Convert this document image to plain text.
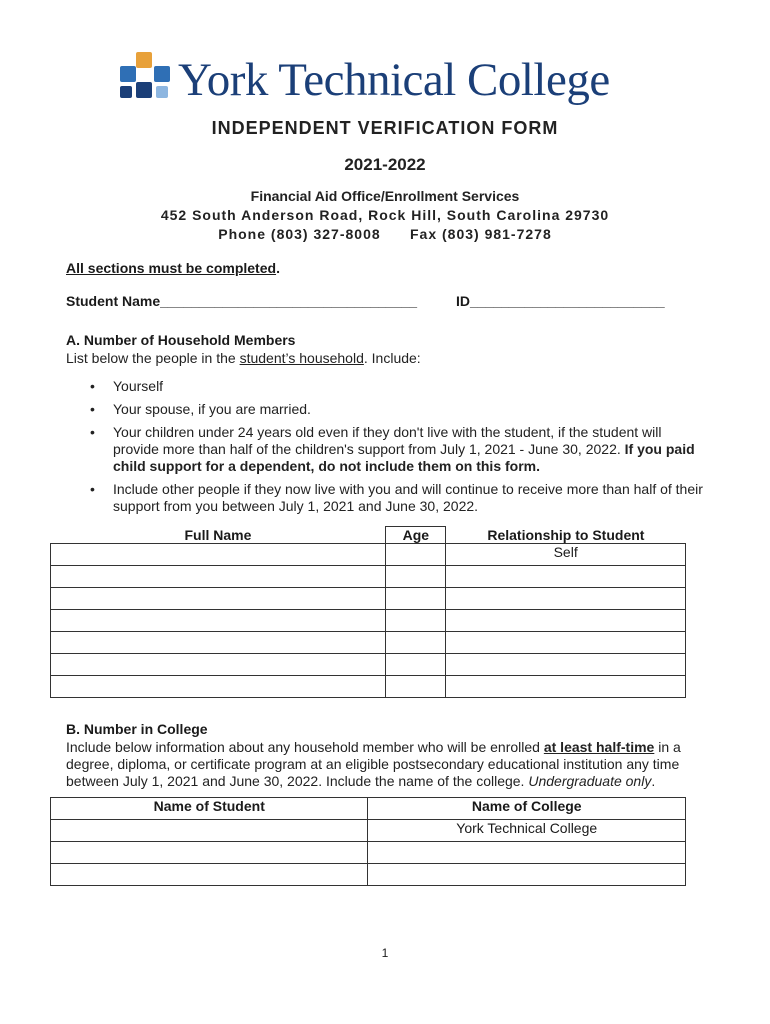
York Technical College
INDEPENDENT VERIFICATION FORM
2021-2022
Financial Aid Office/Enrollment Services
452 South Anderson Road, Rock Hill, South Carolina 29730
Phone (803) 327-8008 Fax (803) 981-7278
All sections must be completed.
Student Name_________________________________	ID_________________________
A. Number of Household Members
List below the people in the student’s household. Include:
• Yourself
• Your spouse, if you are married.
• Your children under 24 years old even if they don't live with the student, if the student will provide more than half of the children's support from July 1, 2021 - June 30, 2022. If you paid child support for a dependent, do not include them on this form.
• Include other people if they now live with you and will continue to receive more than half of their support from you between July 1, 2021 and June 30, 2022.
Full Name	Age	Relationship to Student
		Self

B. Number in College
Include below information about any household member who will be enrolled at least half-time in a degree, diploma, or certificate program at an eligible postsecondary educational institution any time between July 1, 2021 and June 30, 2022. Include the name of the college. Undergraduate only.
Name of Student	Name of College
	York Technical College

1
